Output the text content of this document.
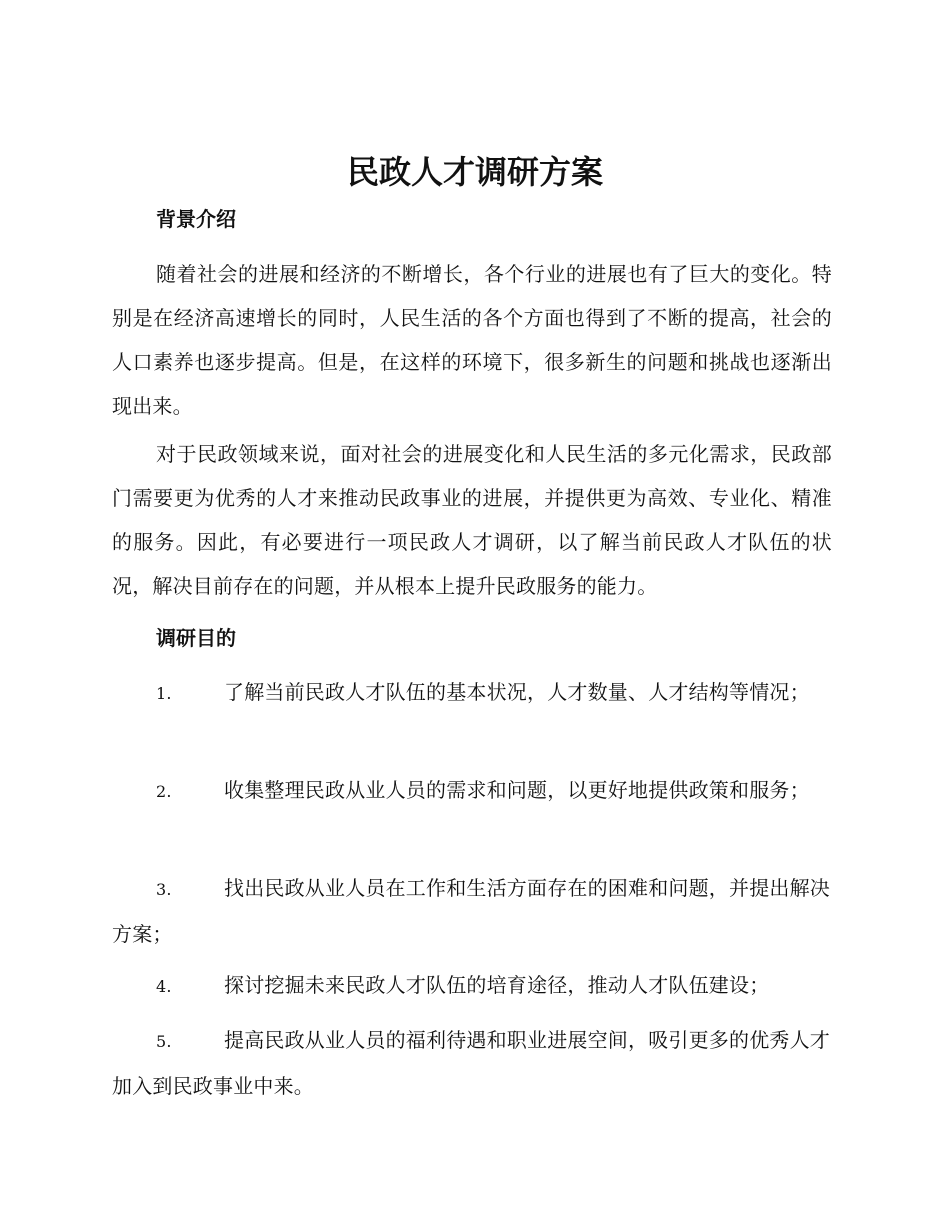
民政人才调研方案
背景介绍

随着社会的进展和经济的不断增长，各个行业的进展也有了巨大的变化。特别是在经济高速增长的同时，人民生活的各个方面也得到了不断的提高，社会的人口素养也逐步提高。但是，在这样的环境下，很多新生的问题和挑战也逐渐出现出来。

对于民政领域来说，面对社会的进展变化和人民生活的多元化需求，民政部门需要更为优秀的人才来推动民政事业的进展，并提供更为高效、专业化、精准的服务。因此，有必要进行一项民政人才调研，以了解当前民政人才队伍的状况，解决目前存在的问题，并从根本上提升民政服务的能力。

调研目的
1.	了解当前民政人才队伍的基本状况，人才数量、人才结构等情况；
2.	收集整理民政从业人员的需求和问题，以更好地提供政策和服务；
3.	找出民政从业人员在工作和生活方面存在的困难和问题，并提出解决方案；
4.	探讨挖掘未来民政人才队伍的培育途径，推动人才队伍建设；
5.	提高民政从业人员的福利待遇和职业进展空间，吸引更多的优秀人才加入到民政事业中来。
